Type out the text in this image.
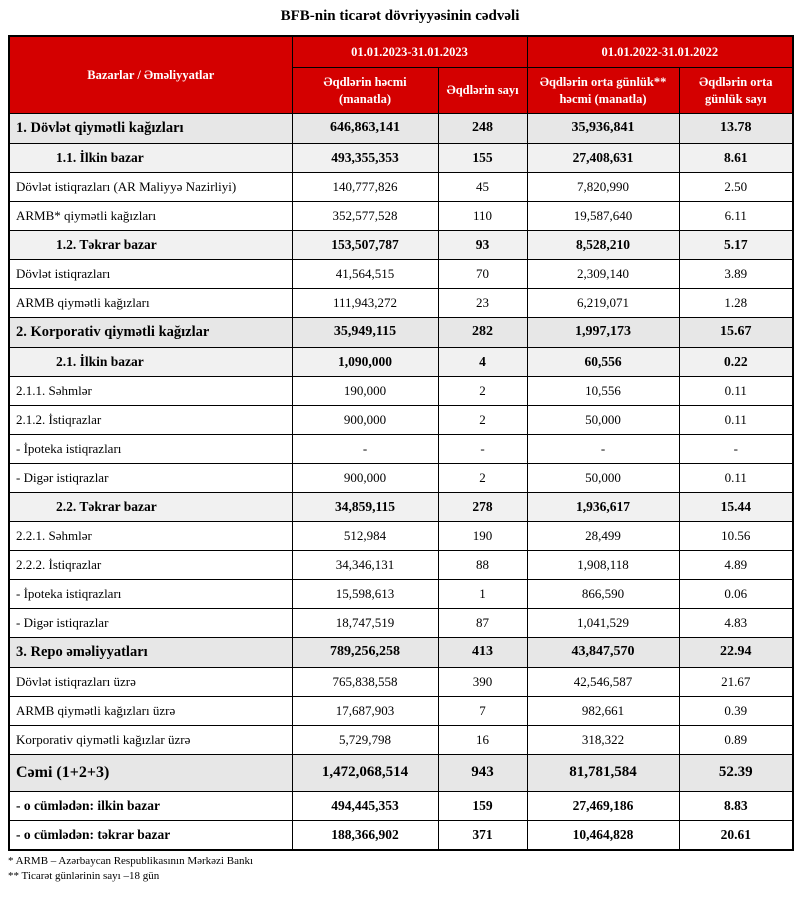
BFB-nin ticarət dövriyyəsinin cədvəli
Bazarlar / Əməliyyatlar	01.01.2023-31.01.2023		01.01.2022-31.01.2022	
	Əqdlərin həcmi (manatla)	Əqdlərin sayı	Əqdlərin orta günlük** həcmi (manatla)	Əqdlərin orta günlük sayı
1. Dövlət qiymətli kağızları	646,863,141	248	35,936,841	13.78
1.1. İlkin bazar	493,355,353	155	27,408,631	8.61
Dövlət istiqrazları (AR Maliyyə Nazirliyi)	140,777,826	45	7,820,990	2.50
ARMB* qiymətli kağızları	352,577,528	110	19,587,640	6.11
1.2. Təkrar bazar	153,507,787	93	8,528,210	5.17
Dövlət istiqrazları	41,564,515	70	2,309,140	3.89
ARMB qiymətli kağızları	111,943,272	23	6,219,071	1.28
2. Korporativ qiymətli kağızlar	35,949,115	282	1,997,173	15.67
2.1. İlkin bazar	1,090,000	4	60,556	0.22
2.1.1. Səhmlər	190,000	2	10,556	0.11
2.1.2. İstiqrazlar	900,000	2	50,000	0.11
- İpoteka istiqrazları	-	-	-	-
- Digər istiqrazlar	900,000	2	50,000	0.11
2.2. Təkrar bazar	34,859,115	278	1,936,617	15.44
2.2.1. Səhmlər	512,984	190	28,499	10.56
2.2.2. İstiqrazlar	34,346,131	88	1,908,118	4.89
- İpoteka istiqrazları	15,598,613	1	866,590	0.06
- Digər istiqrazlar	18,747,519	87	1,041,529	4.83
3. Repo əməliyyatları	789,256,258	413	43,847,570	22.94
Dövlət istiqrazları üzrə	765,838,558	390	42,546,587	21.67
ARMB qiymətli kağızları üzrə	17,687,903	7	982,661	0.39
Korporativ qiymətli kağızlar üzrə	5,729,798	16	318,322	0.89
Cəmi (1+2+3)	1,472,068,514	943	81,781,584	52.39
- o cümlədən: ilkin bazar	494,445,353	159	27,469,186	8.83
- o cümlədən: təkrar bazar	188,366,902	371	10,464,828	20.61
* ARMB – Azərbaycan Respublikasının Mərkəzi Bankı
** Ticarət günlərinin sayı –18 gün
